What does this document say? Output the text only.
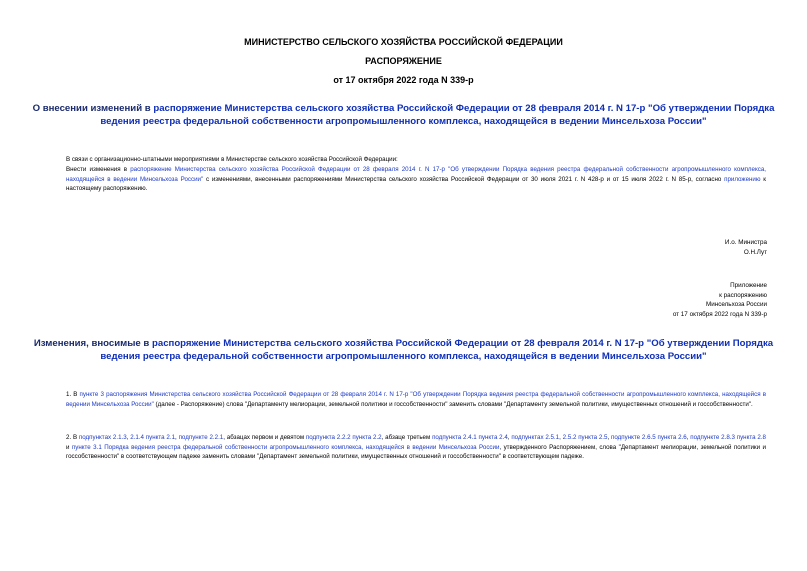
МИНИСТЕРСТВО СЕЛЬСКОГО ХОЗЯЙСТВА РОССИЙСКОЙ ФЕДЕРАЦИИ
РАСПОРЯЖЕНИЕ
от 17 октября 2022 года N 339-р
О внесении изменений в распоряжение Министерства сельского хозяйства Российской Федерации от 28 февраля 2014 г. N 17-р "Об утверждении Порядка ведения реестра федеральной собственности агропромышленного комплекса, находящейся в ведении Минсельхоза России"
В связи с организационно-штатными мероприятиями в Министерстве сельского хозяйства Российской Федерации:
Внести изменения в распоряжение Министерства сельского хозяйства Российской Федерации от 28 февраля 2014 г. N 17-р "Об утверждении Порядка ведения реестра федеральной собственности агропромышленного комплекса, находящейся в ведении Минсельхоза России" с изменениями, внесенными распоряжениями Министерства сельского хозяйства Российской Федерации от 30 июля 2021 г. N 428-р и от 15 июля 2022 г. N 85-р, согласно приложению к настоящему распоряжению.
И.о. Министра
О.Н.Лут
Приложение
к распоряжению
Минсельхоза России
от 17 октября 2022 года N 339-р
Изменения, вносимые в распоряжение Министерства сельского хозяйства Российской Федерации от 28 февраля 2014 г. N 17-р "Об утверждении Порядка ведения реестра федеральной собственности агропромышленного комплекса, находящейся в ведении Минсельхоза России"
1. В пункте 3 распоряжения Министерства сельского хозяйства Российской Федерации от 28 февраля 2014 г. N 17-р "Об утверждении Порядка ведения реестра федеральной собственности агропромышленного комплекса, находящейся в ведении Минсельхоза России" (далее - Распоряжение) слова "Департаменту мелиорации, земельной политики и госсобственности" заменить словами "Департаменту земельной политики, имущественных отношений и госсобственности".
2. В подпунктах 2.1.3, 2.1.4 пункта 2.1, подпункте 2.2.1, абзацах первом и девятом подпункта 2.2.2 пункта 2.2, абзаце третьем подпункта 2.4.1 пункта 2.4, подпунктах 2.5.1, 2.5.2 пункта 2.5, подпункте 2.6.5 пункта 2.6, подпункте 2.8.3 пункта 2.8 и пункте 3.1 Порядка ведения реестра федеральной собственности агропромышленного комплекса, находящейся в ведении Минсельхоза России, утвержденного Распоряжением, слова "Департамент мелиорации, земельной политики и госсобственности" в соответствующем падеже заменить словами "Департамент земельной политики, имущественных отношений и госсобственности" в соответствующем падеже.
